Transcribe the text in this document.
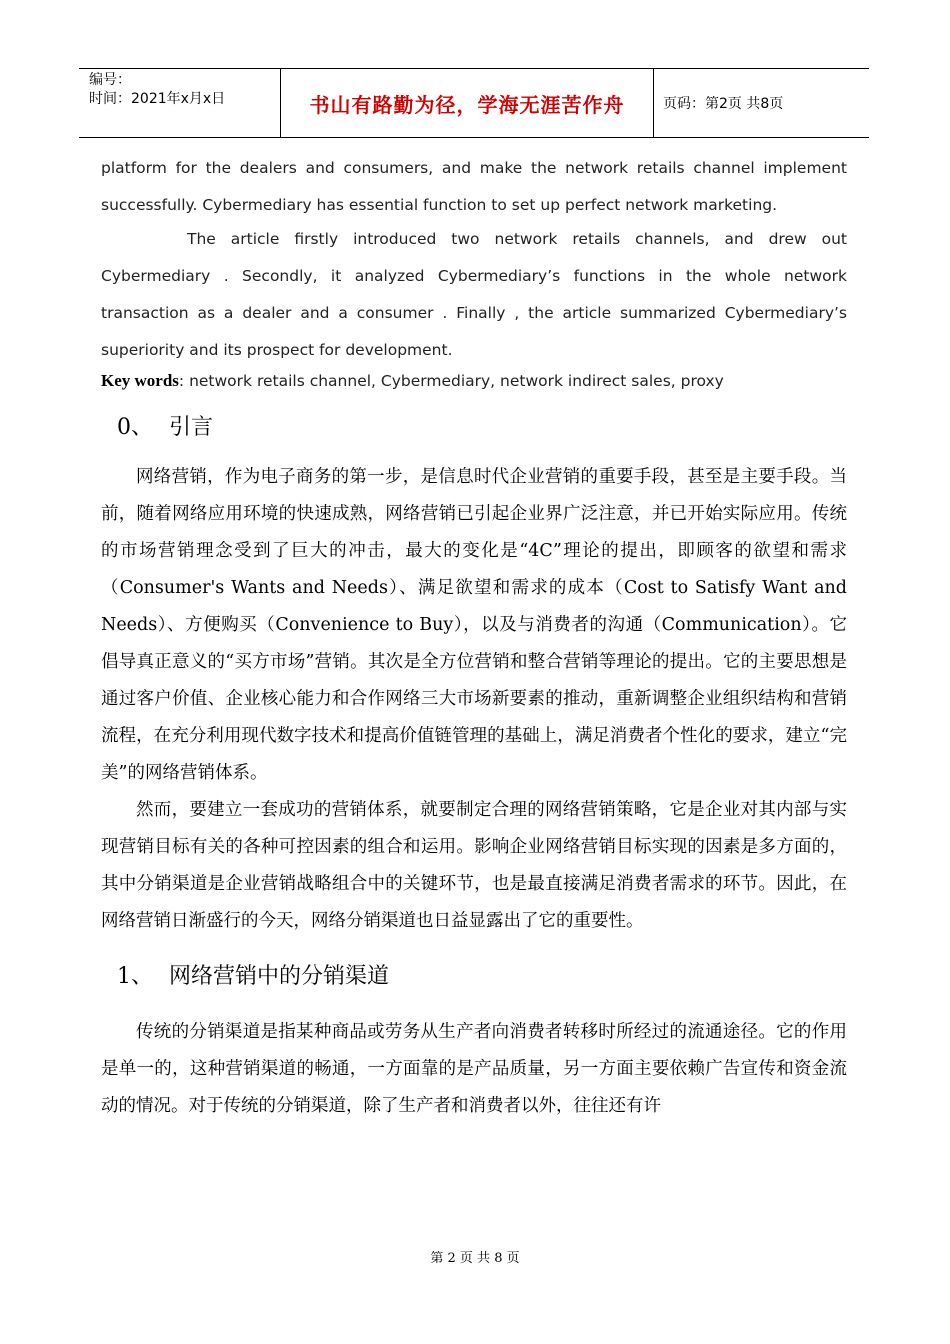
编号：
时间：2021年x月x日	书山有路勤为径，学海无涯苦作舟	页码：第2页 共8页

platform for the dealers and consumers, and make the network retails channel implement successfully. Cybermediary has essential function to set up perfect network marketing.

The article firstly introduced two network retails channels, and drew out Cybermediary . Secondly, it analyzed Cybermediary’s functions in the whole network transaction as a dealer and a consumer . Finally , the article summarized Cybermediary’s superiority and its prospect for development.

Key words: network retails channel, Cybermediary, network indirect sales, proxy

0、 引言

网络营销，作为电子商务的第一步，是信息时代企业营销的重要手段，甚至是主要手段。当前，随着网络应用环境的快速成熟，网络营销已引起企业界广泛注意，并已开始实际应用。传统的市场营销理念受到了巨大的冲击，最大的变化是“4C”理论的提出，即顾客的欲望和需求（Consumer's Wants and Needs）、满足欲望和需求的成本（Cost to Satisfy Want and Needs）、方便购买（Convenience to Buy），以及与消费者的沟通（Communication）。它倡导真正意义的“买方市场”营销。其次是全方位营销和整合营销等理论的提出。它的主要思想是通过客户价值、企业核心能力和合作网络三大市场新要素的推动，重新调整企业组织结构和营销流程，在充分利用现代数字技术和提高价值链管理的基础上，满足消费者个性化的要求，建立“完美”的网络营销体系。

然而，要建立一套成功的营销体系，就要制定合理的网络营销策略，它是企业对其内部与实现营销目标有关的各种可控因素的组合和运用。影响企业网络营销目标实现的因素是多方面的，其中分销渠道是企业营销战略组合中的关键环节，也是最直接满足消费者需求的环节。因此，在网络营销日渐盛行的今天，网络分销渠道也日益显露出了它的重要性。

1、 网络营销中的分销渠道

传统的分销渠道是指某种商品或劳务从生产者向消费者转移时所经过的流通途径。它的作用是单一的，这种营销渠道的畅通，一方面靠的是产品质量，另一方面主要依赖广告宣传和资金流动的情况。对于传统的分销渠道，除了生产者和消费者以外，往往还有许

第 2 页 共 8 页
